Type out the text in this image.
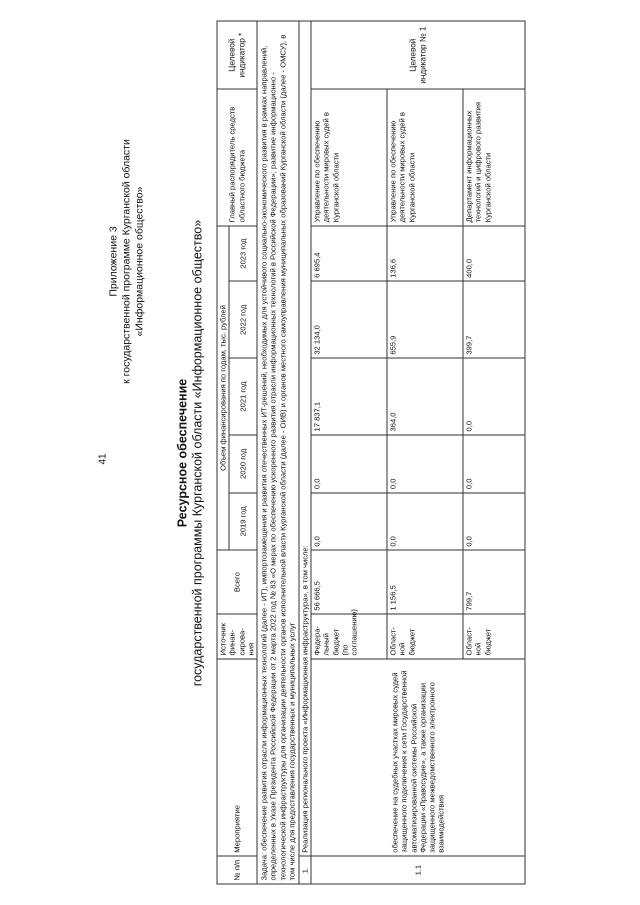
41
Приложение 3 к государственной программе Курганской области «Информационное общество»
Ресурсное обеспечение государственной программы Курганской области «Информационное общество»
№ п/п	Мероприятие	Источник финан-сирова-ния	Всего	Объем финансирования по годам, тыс. рублей					Главный распорядитель средств областного бюджета	Целевой индикатор *
				2019 год	2020 год	2021 год	2022 год	2023 год		
Задача: обеспечение развития отрасли информационных технологий (далее - ИТ), импортозамещения и развития отечественных ИТ-решений, необходимых для устойчивого социально-экономического развития в рамках направлений, определенных в Указе Президента Российской Федерации от 2 марта 2022 год № 83 «О мерах по обеспечению ускоренного развития отрасли информационных технологий в Российской Федерации»; развитие информационно - технологической инфраструктуры для организации деятельности органов исполнительной власти Курганской области (далее - ОИВ) и органов местного самоуправления муниципальных образований Курганской области (далее - ОМСУ), в том числе для предоставления государственных и муниципальных услуг										
1.	Реализация регионального проекта «Информационная инфраструктура», в том числе:									
1.1	обеспечение на судебных участках мировых судей защищенного подключения к сети Государственной автоматизированной системы Российской Федерации «Правосудие», а также организации защищенного межведомственного электронного взаимодействия	Федера-льный бюджет (по соглашению)	56 666,5	0,0	0,0	17 837,1	32 134,0	6 695,4	Управление по обеспечению деятельности мировых судей в Курганской области	Целевой индикатор № 1
		Област-ной бюджет	1 156,5	0,0	0,0	364,0	655,9	136,6	Управление по обеспечению деятельности мировых судей в Курганской области	
		Област-ной бюджет	799,7	0,0	0,0	0,0	399,7	400,0	Департамент информационных технологий и цифрового развития Курганской области	
